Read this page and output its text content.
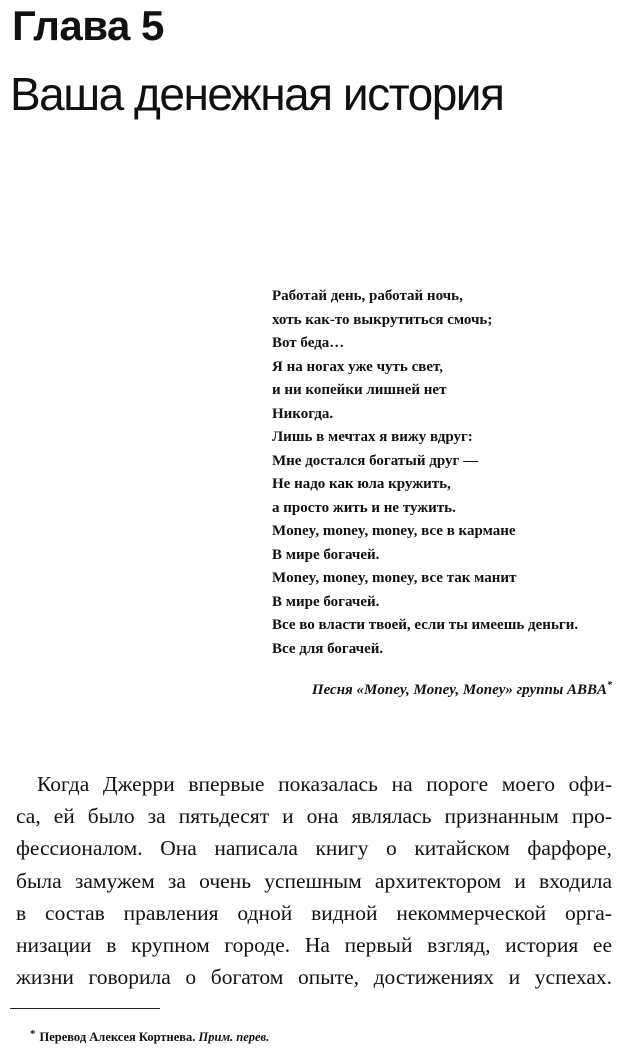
Глава 5
Ваша денежная история
Работай день, работай ночь,
хоть как-то выкрутиться смочь;
Вот беда…
Я на ногах уже чуть свет,
и ни копейки лишней нет
Никогда.
Лишь в мечтах я вижу вдруг:
Мне достался богатый друг —
Не надо как юла кружить,
а просто жить и не тужить.
Money, money, money, все в кармане
В мире богачей.
Money, money, money, все так манит
В мире богачей.
Все во власти твоей, если ты имеешь деньги.
Все для богачей.
Песня «Money, Money, Money» группы ABBA*
Когда Джерри впервые показалась на пороге моего офи-
са, ей было за пятьдесят и она являлась признанным про-
фессионалом. Она написала книгу о китайском фарфоре,
была замужем за очень успешным архитектором и входила
в состав правления одной видной некоммерческой орга-
низации в крупном городе. На первый взгляд, история ее
жизни говорила о богатом опыте, достижениях и успехах.
* Перевод Алексея Кортнева. Прим. перев.
